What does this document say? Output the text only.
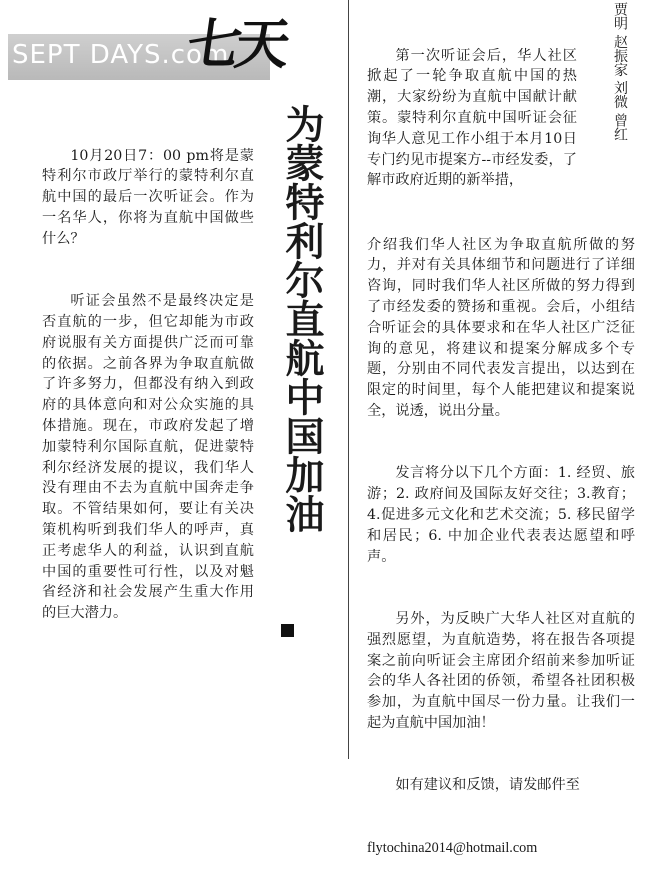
SEPT DAYS.com
七天

10月20日7：00 pm将是蒙特利尔市政厅举行的蒙特利尔直航中国的最后一次听证会。作为一名华人，你将为直航中国做些什么？

听证会虽然不是最终决定是否直航的一步，但它却能为市政府说服有关方面提供广泛而可靠的依据。之前各界为争取直航做了许多努力，但都没有纳入到政府的具体意向和对公众实施的具体措施。现在，市政府发起了增加蒙特利尔国际直航，促进蒙特利尔经济发展的提议，我们华人没有理由不去为直航中国奔走争取。不管结果如何，要让有关决策机构听到我们华人的呼声，真正考虑华人的利益，认识到直航中国的重要性可行性，以及对魁省经济和社会发展产生重大作用的巨大潜力。

为蒙特利尔直航中国加油
贾明 赵振家 刘微 曾红

第一次听证会后，华人社区掀起了一轮争取直航中国的热潮，大家纷纷为直航中国献计献策。蒙特利尔直航中国听证会征询华人意见工作小组于本月10日专门约见市提案方--市经发委，了解市政府近期的新举措，

介绍我们华人社区为争取直航所做的努力，并对有关具体细节和问题进行了详细咨询，同时我们华人社区所做的努力得到了市经发委的赞扬和重视。会后，小组结合听证会的具体要求和在华人社区广泛征询的意见，将建议和提案分解成多个专题，分别由不同代表发言提出，以达到在限定的时间里，每个人能把建议和提案说全，说透，说出分量。

发言将分以下几个方面：1. 经贸、旅游；2. 政府间及国际友好交往；3.教育；4.促进多元文化和艺术交流；5. 移民留学和居民；6. 中加企业代表表达愿望和呼声。

另外，为反映广大华人社区对直航的强烈愿望，为直航造势，将在报告各项提案之前向听证会主席团介绍前来参加听证会的华人各社团的侨领，希望各社团积极参加，为直航中国尽一份力量。让我们一起为直航中国加油！

如有建议和反馈，请发邮件至

flytochina2014@hotmail.com
